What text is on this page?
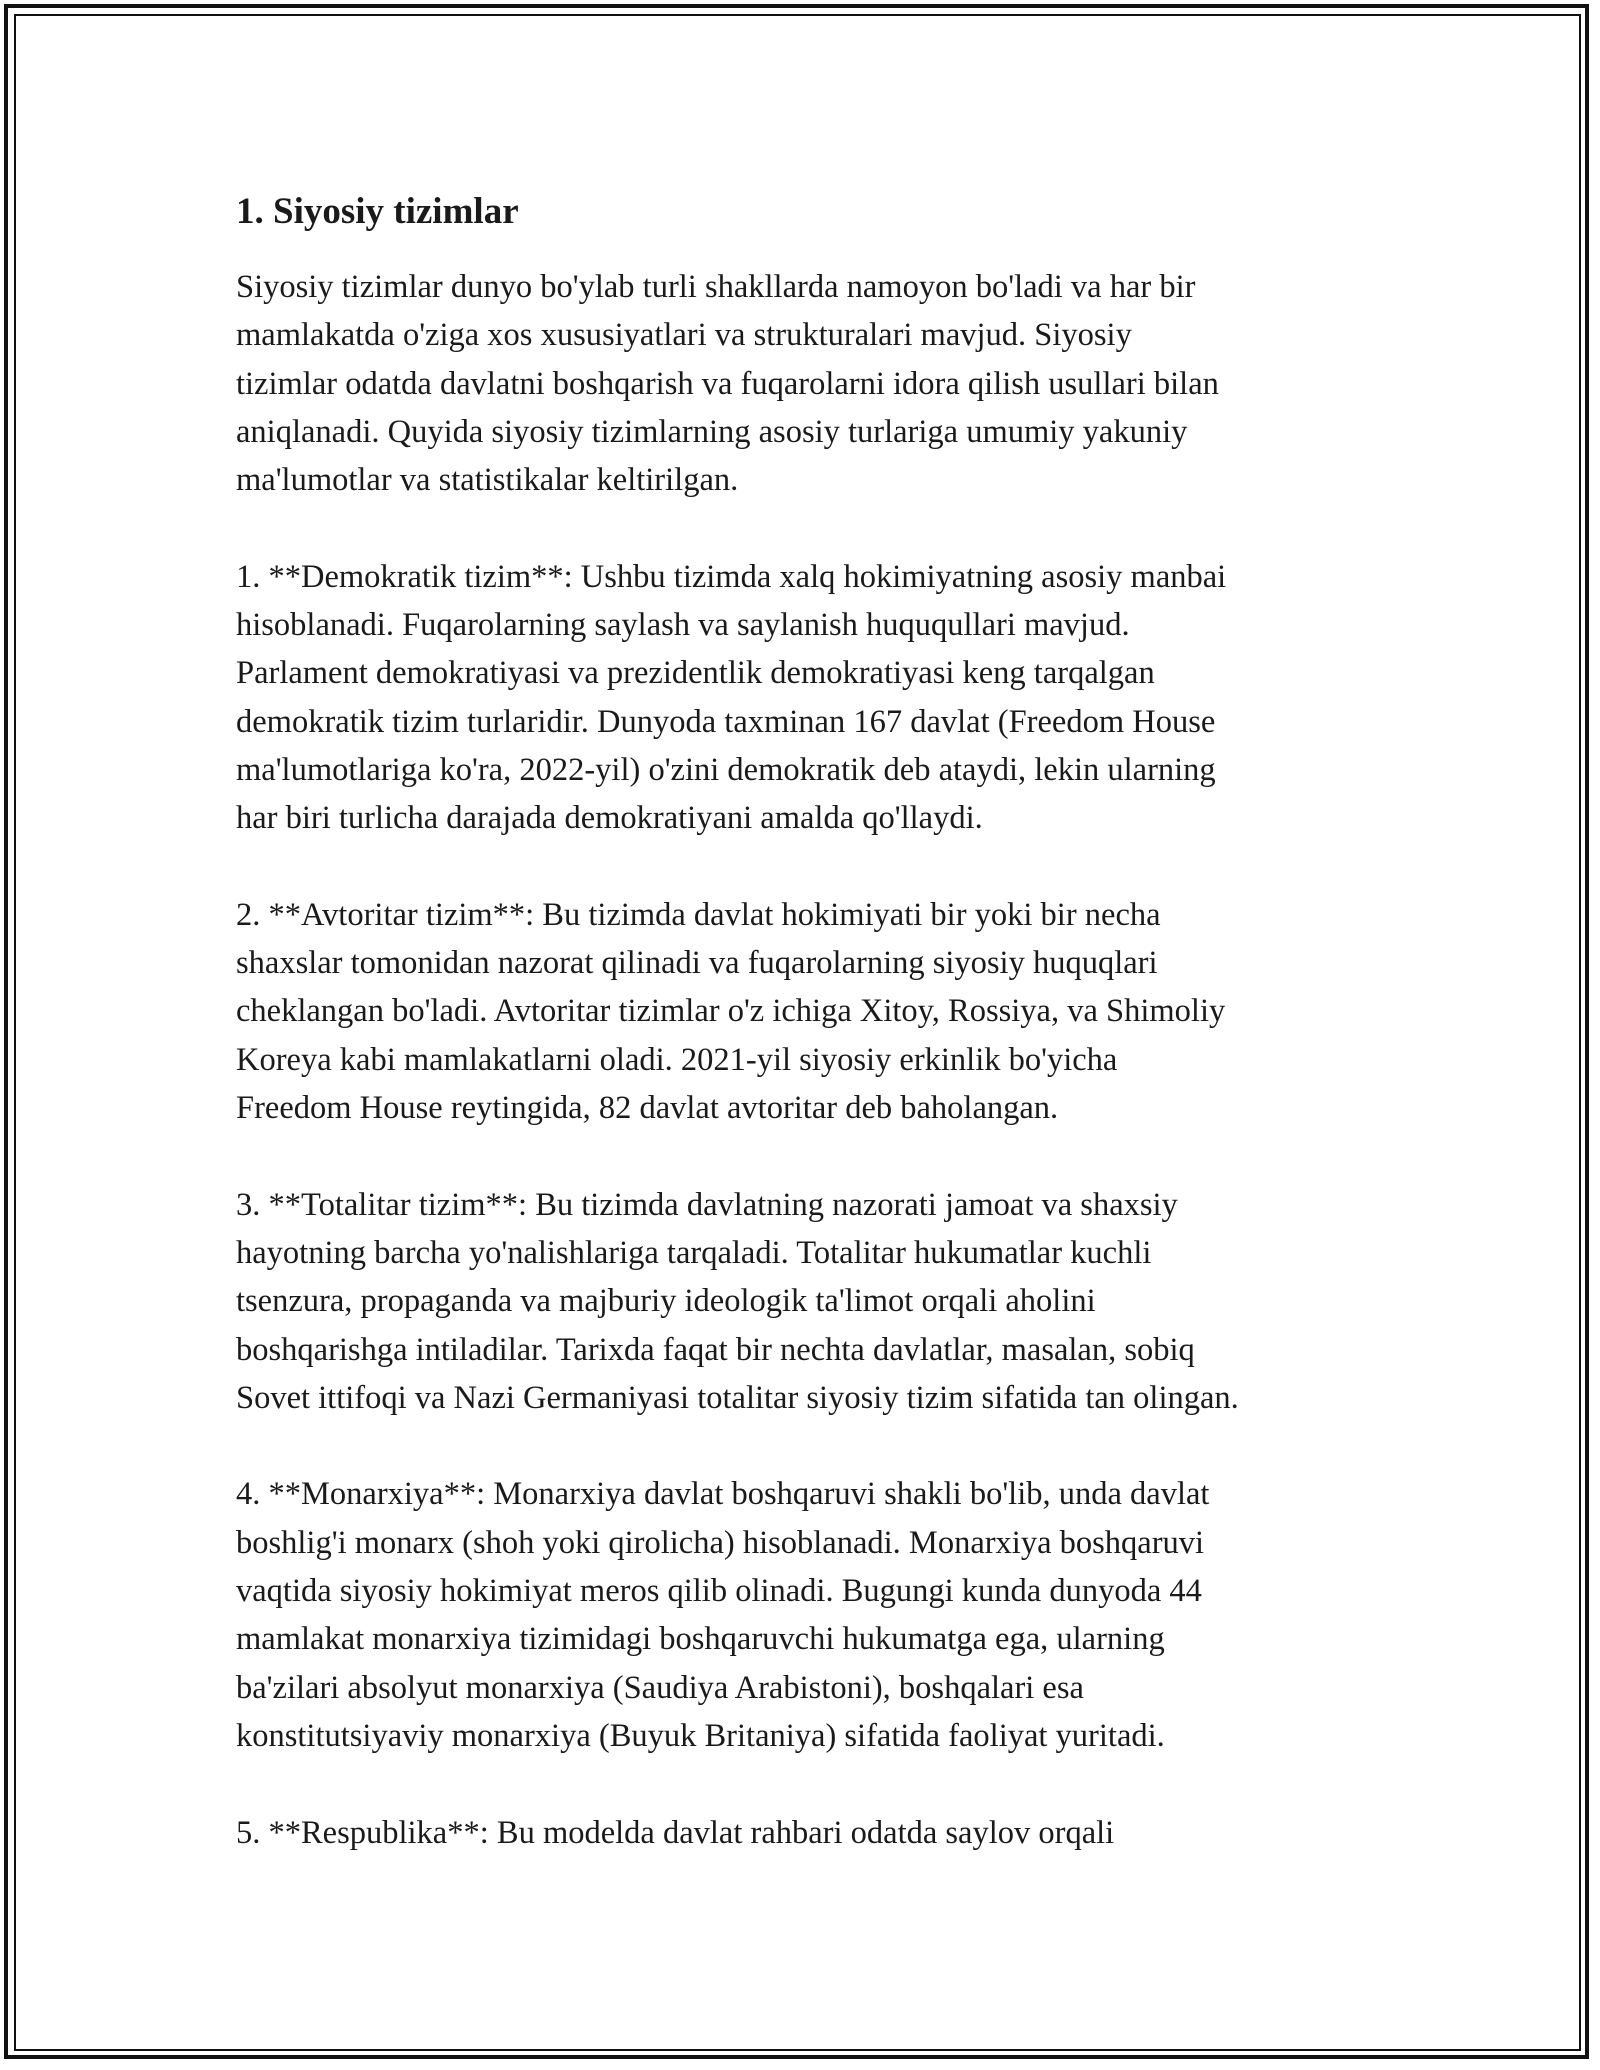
1. Siyosiy tizimlar
Siyosiy tizimlar dunyo bo'ylab turli shakllarda namoyon bo'ladi va har bir
mamlakatda o'ziga xos xususiyatlari va strukturalari mavjud. Siyosiy
tizimlar odatda davlatni boshqarish va fuqarolarni idora qilish usullari bilan
aniqlanadi. Quyida siyosiy tizimlarning asosiy turlariga umumiy yakuniy
ma'lumotlar va statistikalar keltirilgan.
1. **Demokratik tizim**: Ushbu tizimda xalq hokimiyatning asosiy manbai
hisoblanadi. Fuqarolarning saylash va saylanish huququllari mavjud.
Parlament demokratiyasi va prezidentlik demokratiyasi keng tarqalgan
demokratik tizim turlaridir. Dunyoda taxminan 167 davlat (Freedom House
ma'lumotlariga ko'ra, 2022-yil) o'zini demokratik deb ataydi, lekin ularning
har biri turlicha darajada demokratiyani amalda qo'llaydi.
2. **Avtoritar tizim**: Bu tizimda davlat hokimiyati bir yoki bir necha
shaxslar tomonidan nazorat qilinadi va fuqarolarning siyosiy huquqlari
cheklangan bo'ladi. Avtoritar tizimlar o'z ichiga Xitoy, Rossiya, va Shimoliy
Koreya kabi mamlakatlarni oladi. 2021-yil siyosiy erkinlik bo'yicha
Freedom House reytingida, 82 davlat avtoritar deb baholangan.
3. **Totalitar tizim**: Bu tizimda davlatning nazorati jamoat va shaxsiy
hayotning barcha yo'nalishlariga tarqaladi. Totalitar hukumatlar kuchli
tsenzura, propaganda va majburiy ideologik ta'limot orqali aholini
boshqarishga intiladilar. Tarixda faqat bir nechta davlatlar, masalan, sobiq
Sovet ittifoqi va Nazi Germaniyasi totalitar siyosiy tizim sifatida tan olingan.
4. **Monarxiya**: Monarxiya davlat boshqaruvi shakli bo'lib, unda davlat
boshlig'i monarx (shoh yoki qirolicha) hisoblanadi. Monarxiya boshqaruvi
vaqtida siyosiy hokimiyat meros qilib olinadi. Bugungi kunda dunyoda 44
mamlakat monarxiya tizimidagi boshqaruvchi hukumatga ega, ularning
ba'zilari absolyut monarxiya (Saudiya Arabistoni), boshqalari esa
konstitutsiyaviy monarxiya (Buyuk Britaniya) sifatida faoliyat yuritadi.
5. **Respublika**: Bu modelda davlat rahbari odatda saylov orqali
